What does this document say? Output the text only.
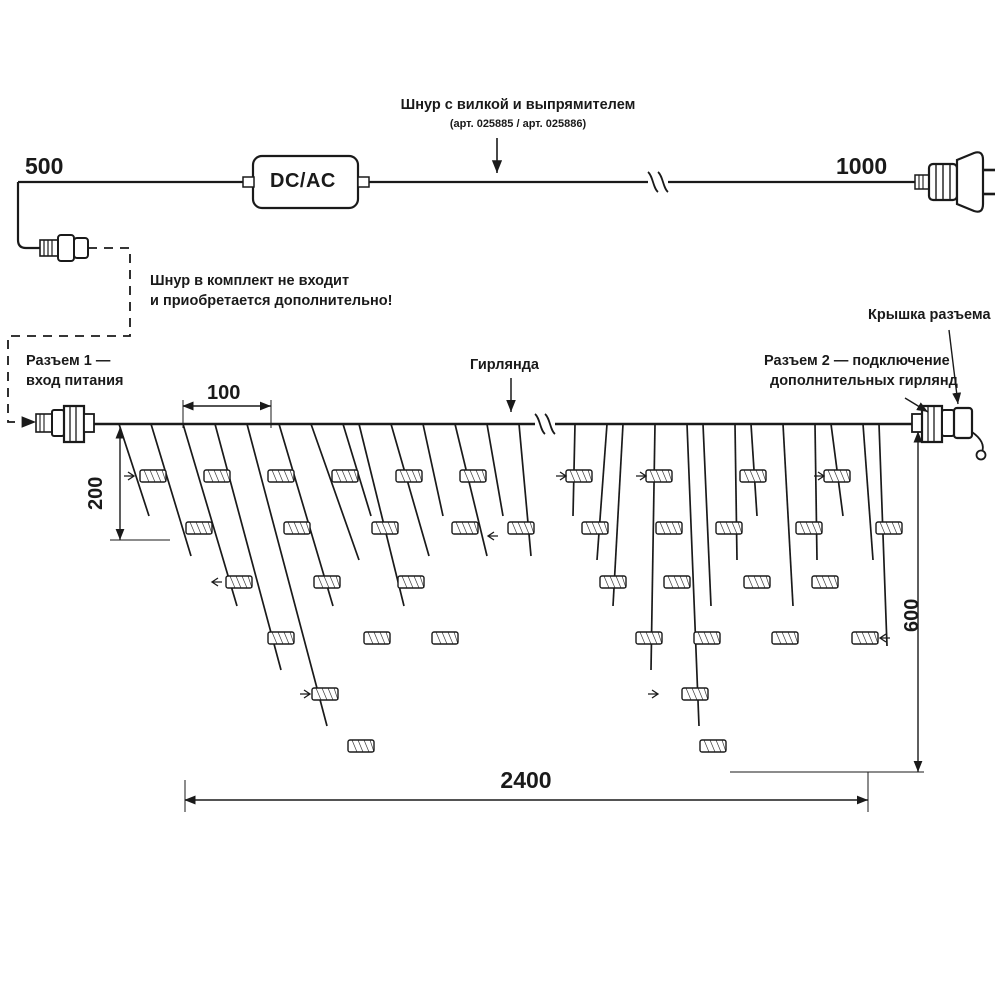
Шнур с вилкой и выпрямителем
(арт. 025885 / арт. 025886)
500	1000
DC/AC
Шнур в комплект не входит
и приобретается дополнительно!
Разъем 1 —
вход питания
Гирлянда
Крышка разъема
Разъем 2 — подключение
дополнительных гирлянд
100
200
600
2400
